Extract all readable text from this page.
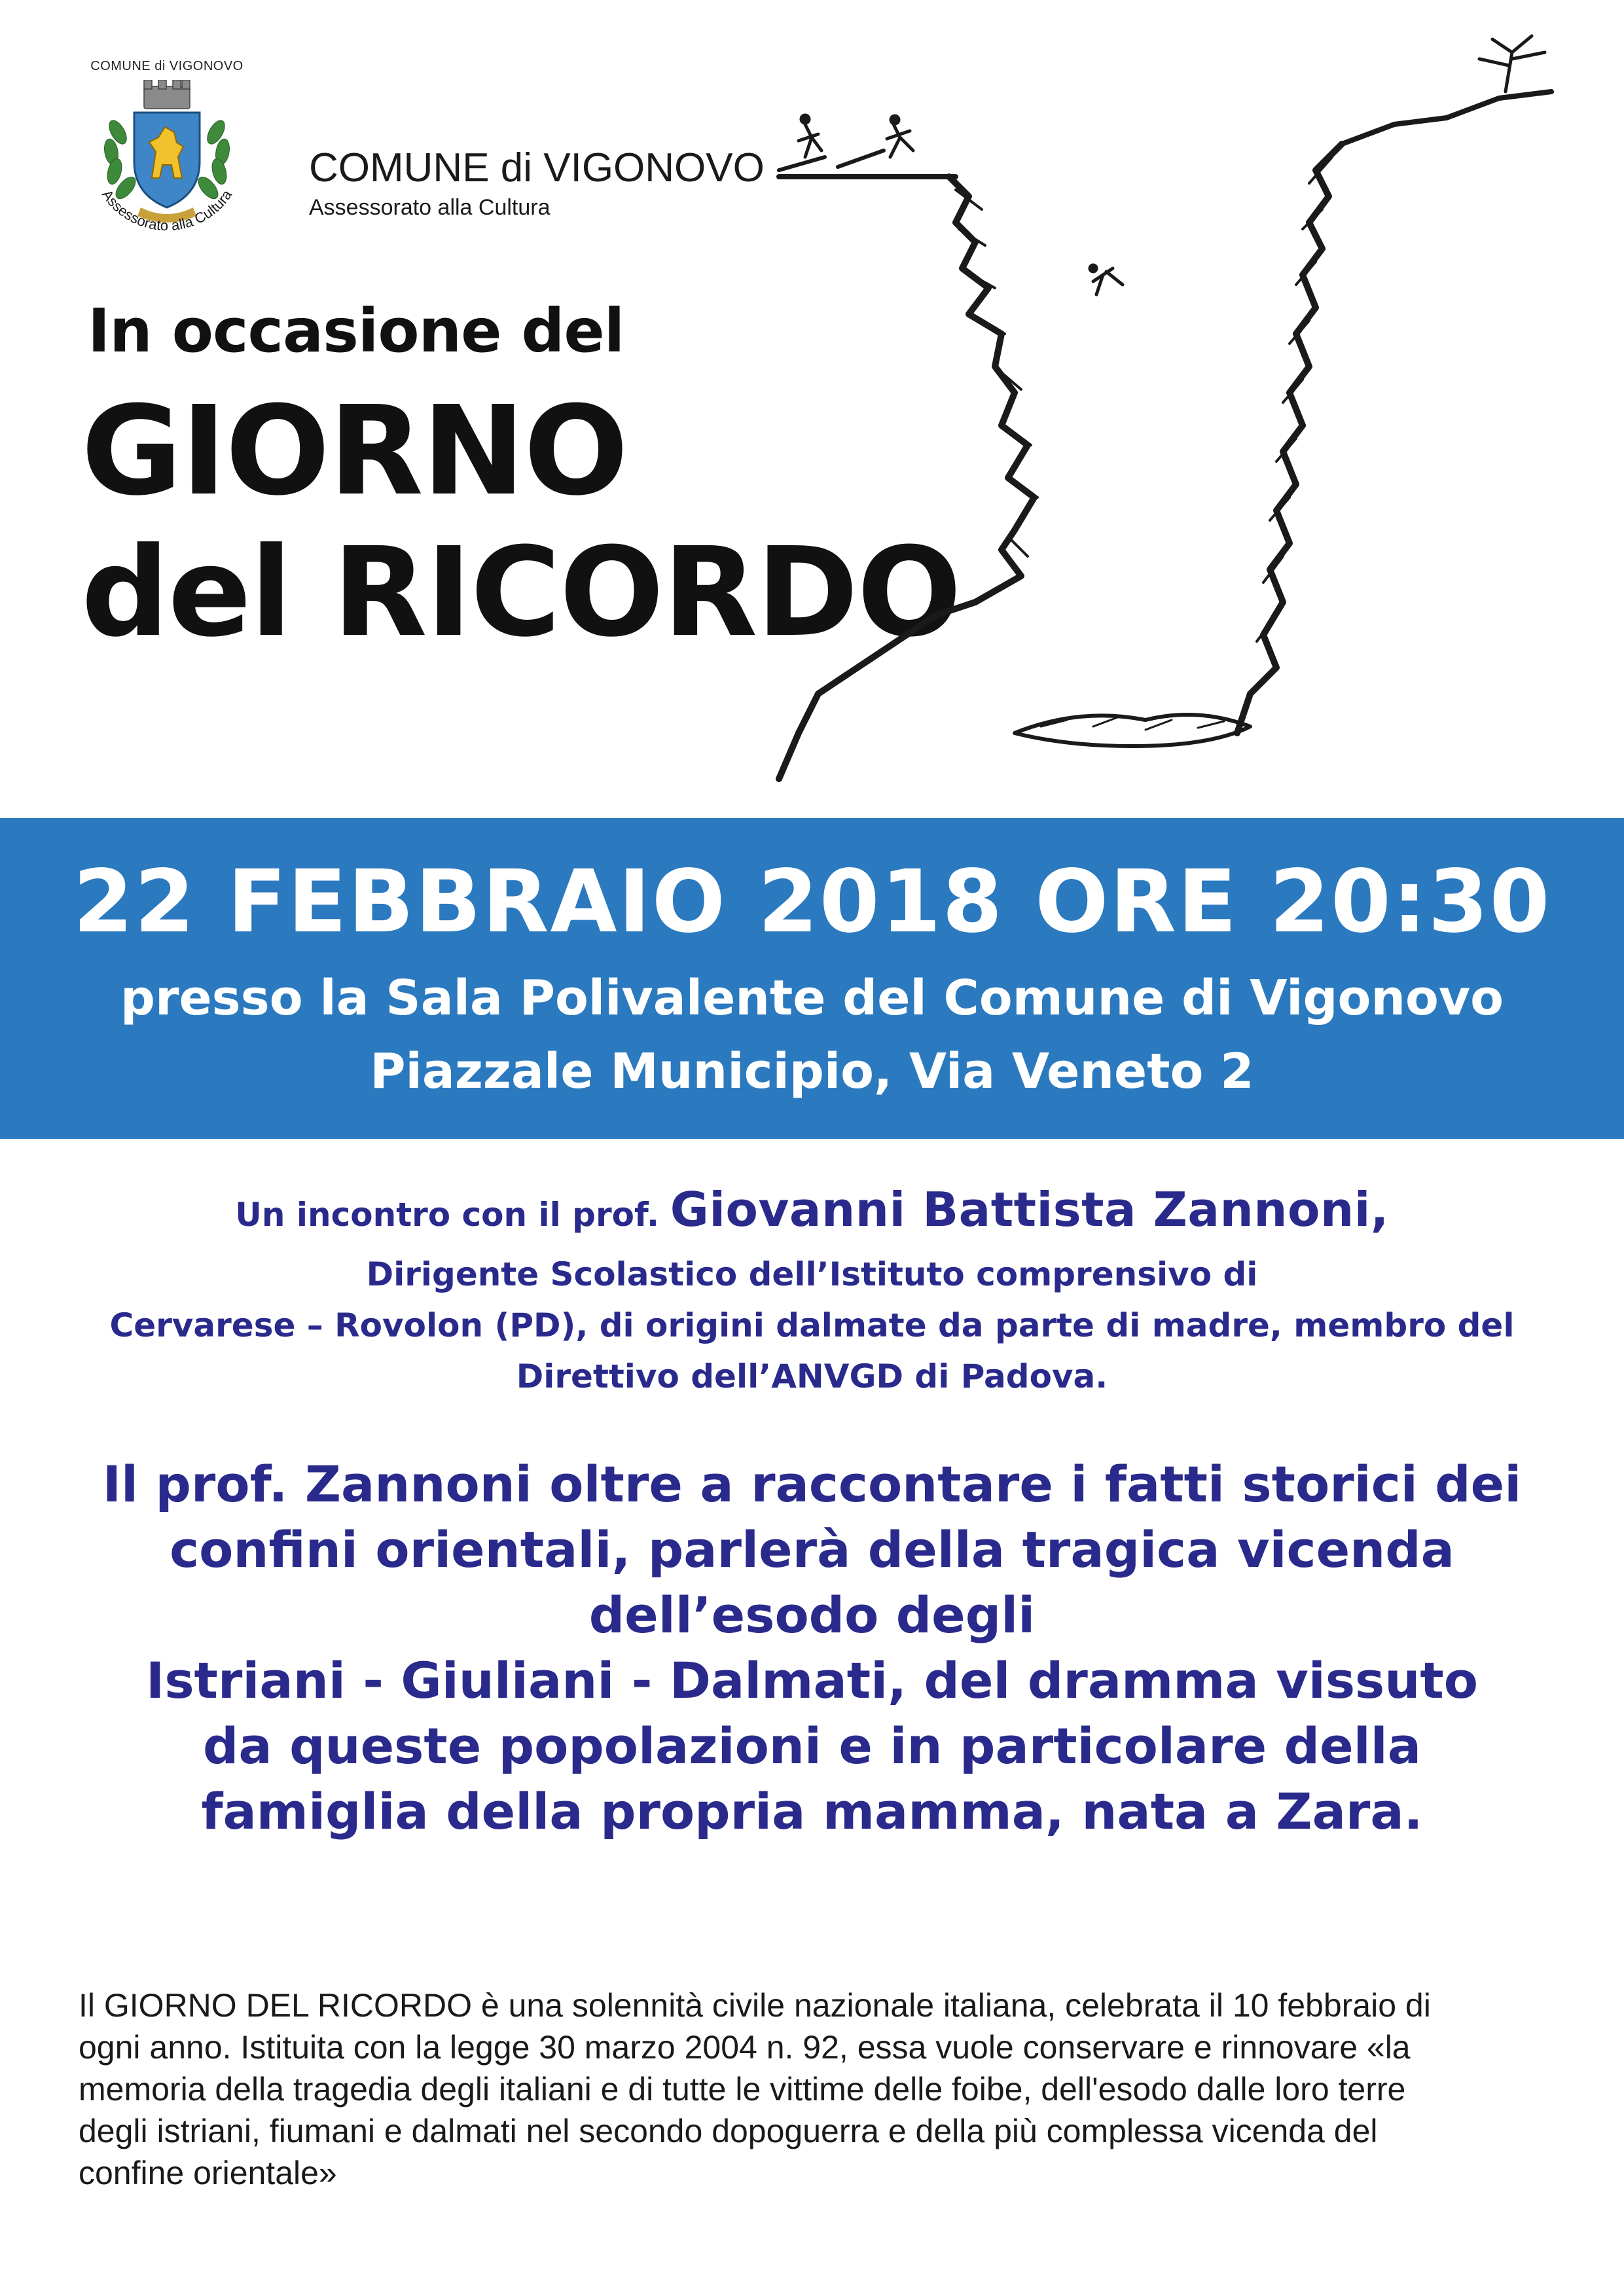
COMUNE di VIGONOVO
Assessorato alla Cultura
COMUNE di VIGONOVO
Assessorato alla Cultura
In occasione del
GIORNO
del RICORDO
22 FEBBRAIO 2018 ORE 20:30
presso la Sala Polivalente del Comune di Vigonovo
Piazzale Municipio, Via Veneto 2
Un incontro con il prof. Giovanni Battista Zannoni,
Dirigente Scolastico dell’Istituto comprensivo di
Cervarese – Rovolon (PD), di origini dalmate da parte di madre, membro del
Direttivo dell’ANVGD di Padova.
Il prof. Zannoni oltre a raccontare i fatti storici dei
confini orientali, parlerà della tragica vicenda
dell’esodo degli
Istriani - Giuliani - Dalmati, del dramma vissuto
da queste popolazioni e in particolare della
famiglia della propria mamma, nata a Zara.
Il GIORNO DEL RICORDO è una solennità civile nazionale italiana, celebrata il 10 febbraio di
ogni anno. Istituita con la legge 30 marzo 2004 n. 92, essa vuole conservare e rinnovare «la
memoria della tragedia degli italiani e di tutte le vittime delle foibe, dell'esodo dalle loro terre
degli istriani, fiumani e dalmati nel secondo dopoguerra e della più complessa vicenda del
confine orientale»
